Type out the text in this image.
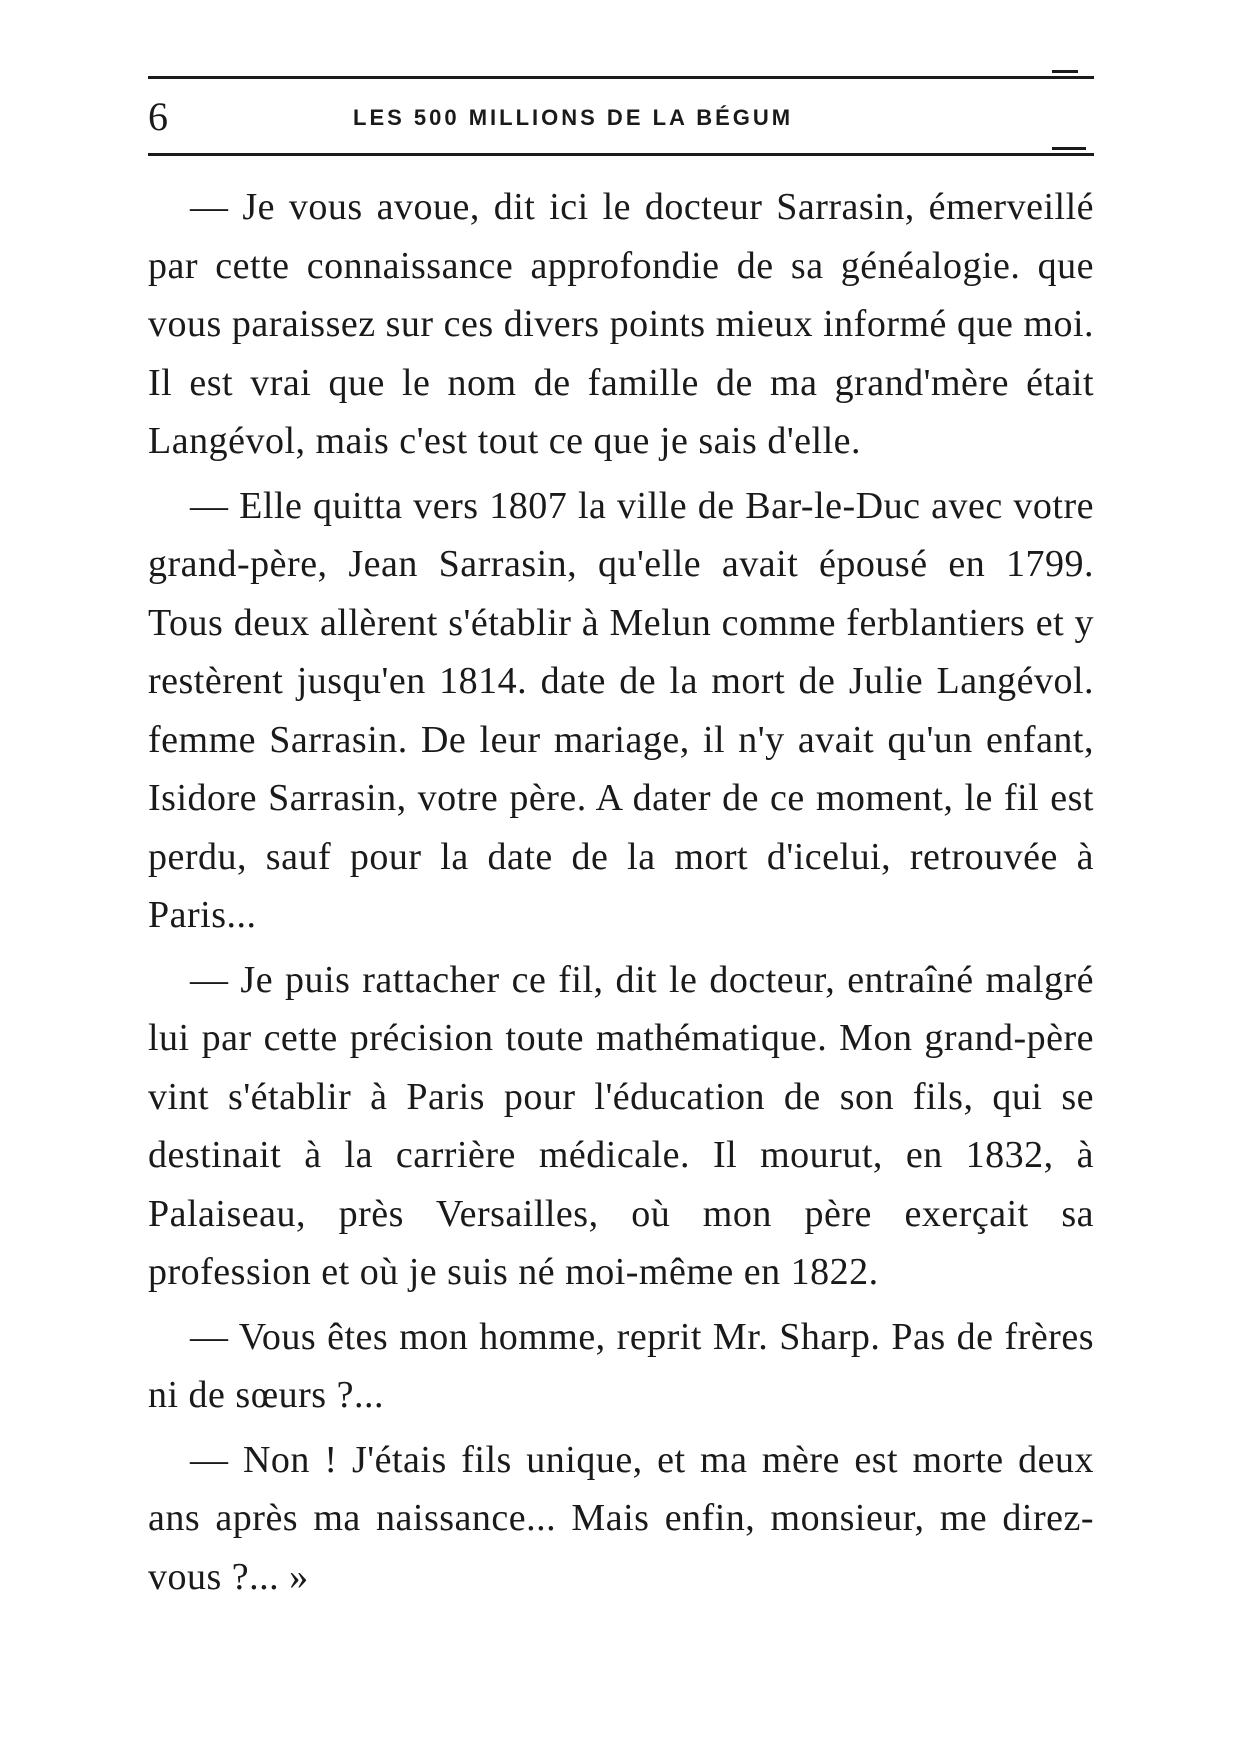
6	LES 500 MILLIONS DE LA BÉGUM

— Je vous avoue, dit ici le docteur Sarrasin, émerveillé par cette connaissance approfondie de sa généalogie. que vous paraissez sur ces divers points mieux informé que moi. Il est vrai que le nom de famille de ma grand'mère était Langévol, mais c'est tout ce que je sais d'elle.

— Elle quitta vers 1807 la ville de Bar-le-Duc avec votre grand-père, Jean Sarrasin, qu'elle avait épousé en 1799. Tous deux allèrent s'établir à Melun comme ferblantiers et y restèrent jusqu'en 1814. date de la mort de Julie Langévol. femme Sarrasin. De leur mariage, il n'y avait qu'un enfant, Isidore Sarrasin, votre père. A dater de ce moment, le fil est perdu, sauf pour la date de la mort d'icelui, retrouvée à Paris...

— Je puis rattacher ce fil, dit le docteur, entraîné malgré lui par cette précision toute mathématique. Mon grand-père vint s'établir à Paris pour l'éducation de son fils, qui se destinait à la carrière médicale. Il mourut, en 1832, à Palaiseau, près Versailles, où mon père exerçait sa profession et où je suis né moi-même en 1822.

— Vous êtes mon homme, reprit Mr. Sharp. Pas de frères ni de sœurs ?...

— Non ! J'étais fils unique, et ma mère est morte deux ans après ma naissance... Mais enfin, monsieur, me direz-vous ?... »
